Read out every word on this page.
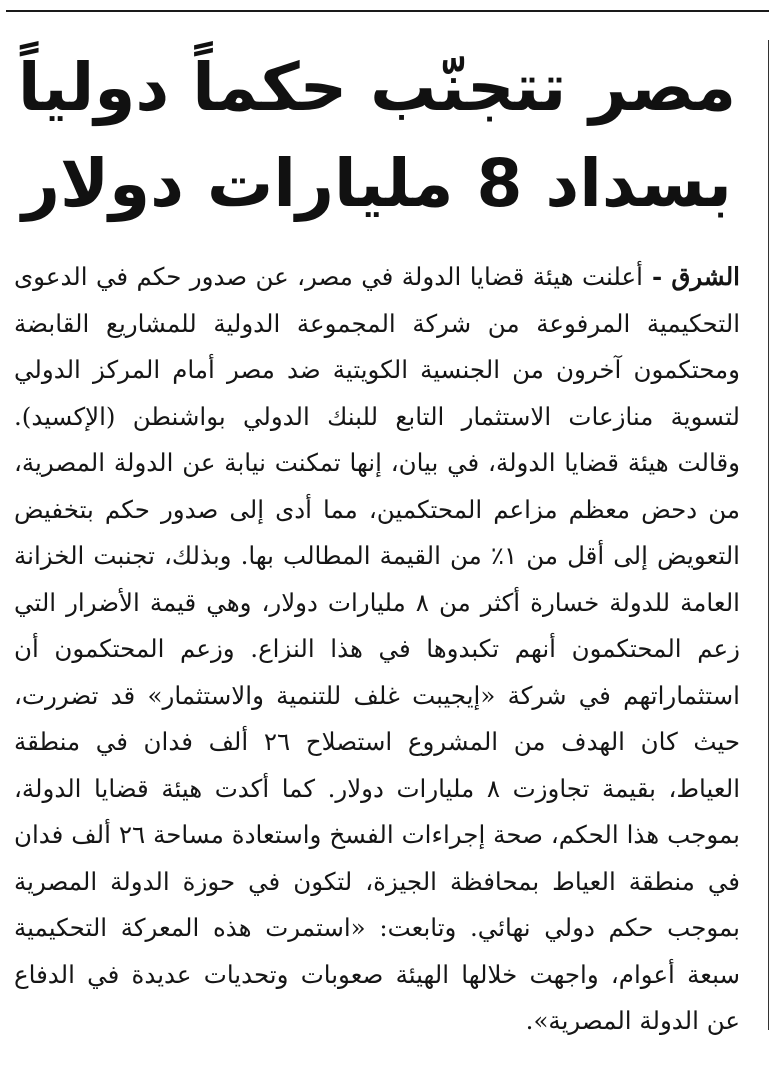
مصر تتجنّب حكماً دولياً
بسداد 8 مليارات دولار

الشرق - أعلنت هيئة قضايا الدولة في مصر، عن صدور حكم في الدعوى التحكيمية المرفوعة من شركة المجموعة الدولية للمشاريع القابضة ومحتكمون آخرون من الجنسية الكويتية ضد مصر أمام المركز الدولي لتسوية منازعات الاستثمار التابع للبنك الدولي بواشنطن (الإكسيد). وقالت هيئة قضايا الدولة، في بيان، إنها تمكنت نيابة عن الدولة المصرية، من دحض معظم مزاعم المحتكمين، مما أدى إلى صدور حكم بتخفيض التعويض إلى أقل من ١٪ من القيمة المطالب بها. وبذلك، تجنبت الخزانة العامة للدولة خسارة أكثر من ٨ مليارات دولار، وهي قيمة الأضرار التي زعم المحتكمون أنهم تكبدوها في هذا النزاع. وزعم المحتكمون أن استثماراتهم في شركة «إيجيبت غلف للتنمية والاستثمار» قد تضررت، حيث كان الهدف من المشروع استصلاح ٢٦ ألف فدان في منطقة العياط، بقيمة تجاوزت ٨ مليارات دولار. كما أكدت هيئة قضايا الدولة، بموجب هذا الحكم، صحة إجراءات الفسخ واستعادة مساحة ٢٦ ألف فدان في منطقة العياط بمحافظة الجيزة، لتكون في حوزة الدولة المصرية بموجب حكم دولي نهائي. وتابعت: «استمرت هذه المعركة التحكيمية سبعة أعوام، واجهت خلالها الهيئة صعوبات وتحديات عديدة في الدفاع عن الدولة المصرية».
